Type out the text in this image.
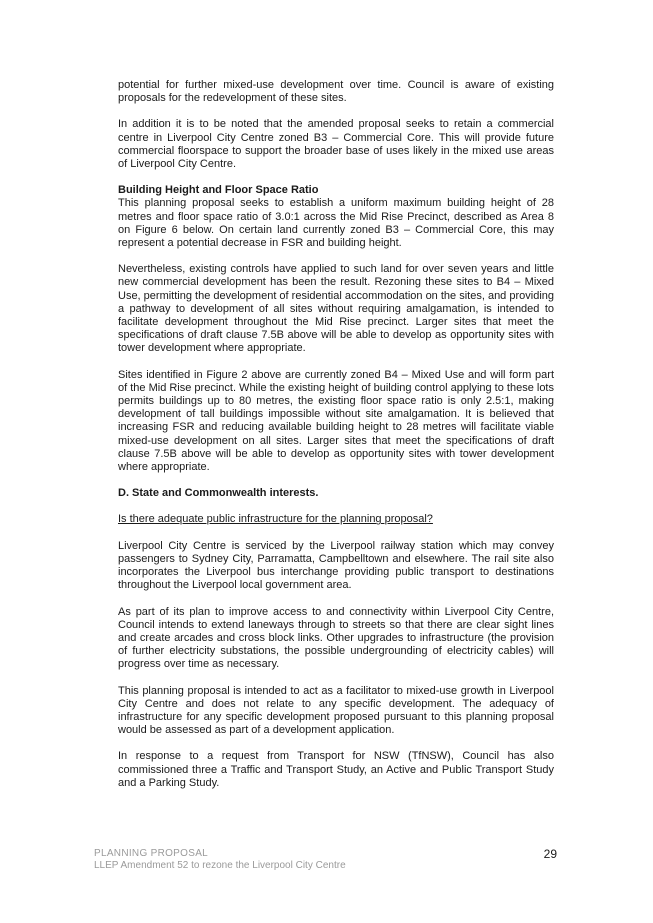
potential for further mixed-use development over time. Council is aware of existing proposals for the redevelopment of these sites.

In addition it is to be noted that the amended proposal seeks to retain a commercial centre in Liverpool City Centre zoned B3 – Commercial Core. This will provide future commercial floorspace to support the broader base of uses likely in the mixed use areas of Liverpool City Centre.

Building Height and Floor Space Ratio

This planning proposal seeks to establish a uniform maximum building height of 28 metres and floor space ratio of 3.0:1 across the Mid Rise Precinct, described as Area 8 on Figure 6 below. On certain land currently zoned B3 – Commercial Core, this may represent a potential decrease in FSR and building height.

Nevertheless, existing controls have applied to such land for over seven years and little new commercial development has been the result. Rezoning these sites to B4 – Mixed Use, permitting the development of residential accommodation on the sites, and providing a pathway to development of all sites without requiring amalgamation, is intended to facilitate development throughout the Mid Rise precinct. Larger sites that meet the specifications of draft clause 7.5B above will be able to develop as opportunity sites with tower development where appropriate.

Sites identified in Figure 2 above are currently zoned B4 – Mixed Use and will form part of the Mid Rise precinct. While the existing height of building control applying to these lots permits buildings up to 80 metres, the existing floor space ratio is only 2.5:1, making development of tall buildings impossible without site amalgamation. It is believed that increasing FSR and reducing available building height to 28 metres will facilitate viable mixed-use development on all sites. Larger sites that meet the specifications of draft clause 7.5B above will be able to develop as opportunity sites with tower development where appropriate.

D. State and Commonwealth interests.

Is there adequate public infrastructure for the planning proposal?

Liverpool City Centre is serviced by the Liverpool railway station which may convey passengers to Sydney City, Parramatta, Campbelltown and elsewhere. The rail site also incorporates the Liverpool bus interchange providing public transport to destinations throughout the Liverpool local government area.

As part of its plan to improve access to and connectivity within Liverpool City Centre, Council intends to extend laneways through to streets so that there are clear sight lines and create arcades and cross block links. Other upgrades to infrastructure (the provision of further electricity substations, the possible undergrounding of electricity cables) will progress over time as necessary.

This planning proposal is intended to act as a facilitator to mixed-use growth in Liverpool City Centre and does not relate to any specific development. The adequacy of infrastructure for any specific development proposed pursuant to this planning proposal would be assessed as part of a development application.

In response to a request from Transport for NSW (TfNSW), Council has also commissioned three a Traffic and Transport Study, an Active and Public Transport Study and a Parking Study.

PLANNING PROPOSAL
LLEP Amendment 52 to rezone the Liverpool City Centre
29
